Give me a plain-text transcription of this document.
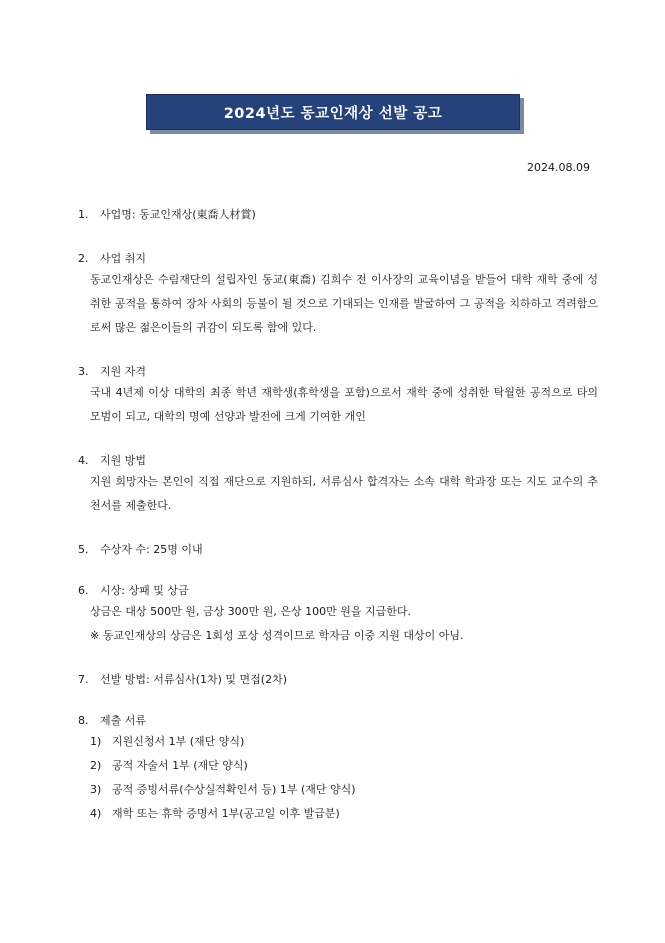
2024년도 동교인재상 선발 공고
2024.08.09
1.	사업명: 동교인재상(東喬人材賞)
2.	사업 취지
동교인재상은 수림재단의 설립자인 동교(東喬) 김희수 전 이사장의 교육이념을 받들어 대학 재학 중에 성취한 공적을 통하여 장차 사회의 등불이 될 것으로 기대되는 인재를 발굴하여 그 공적을 치하하고 격려함으로써 많은 젊은이들의 귀감이 되도록 함에 있다.
3.	지원 자격
국내 4년제 이상 대학의 최종 학년 재학생(휴학생을 포함)으로서 재학 중에 성취한 탁월한 공적으로 타의 모범이 되고, 대학의 명예 선양과 발전에 크게 기여한 개인
4.	지원 방법
지원 희망자는 본인이 직접 재단으로 지원하되, 서류심사 합격자는 소속 대학 학과장 또는 지도 교수의 추천서를 제출한다.
5.	수상자 수: 25명 이내
6.	시상: 상패 및 상금
상금은 대상 500만 원, 금상 300만 원, 은상 100만 원을 지급한다.
※ 동교인재상의 상금은 1회성 포상 성격이므로 학자금 이중 지원 대상이 아님.
7.	선발 방법: 서류심사(1차) 및 면접(2차)
8.	제출 서류
1) 지원신청서 1부 (재단 양식)
2) 공적 자술서 1부 (재단 양식)
3) 공적 증빙서류(수상실적확인서 등) 1부 (재단 양식)
4) 재학 또는 휴학 증명서 1부(공고일 이후 발급분)
